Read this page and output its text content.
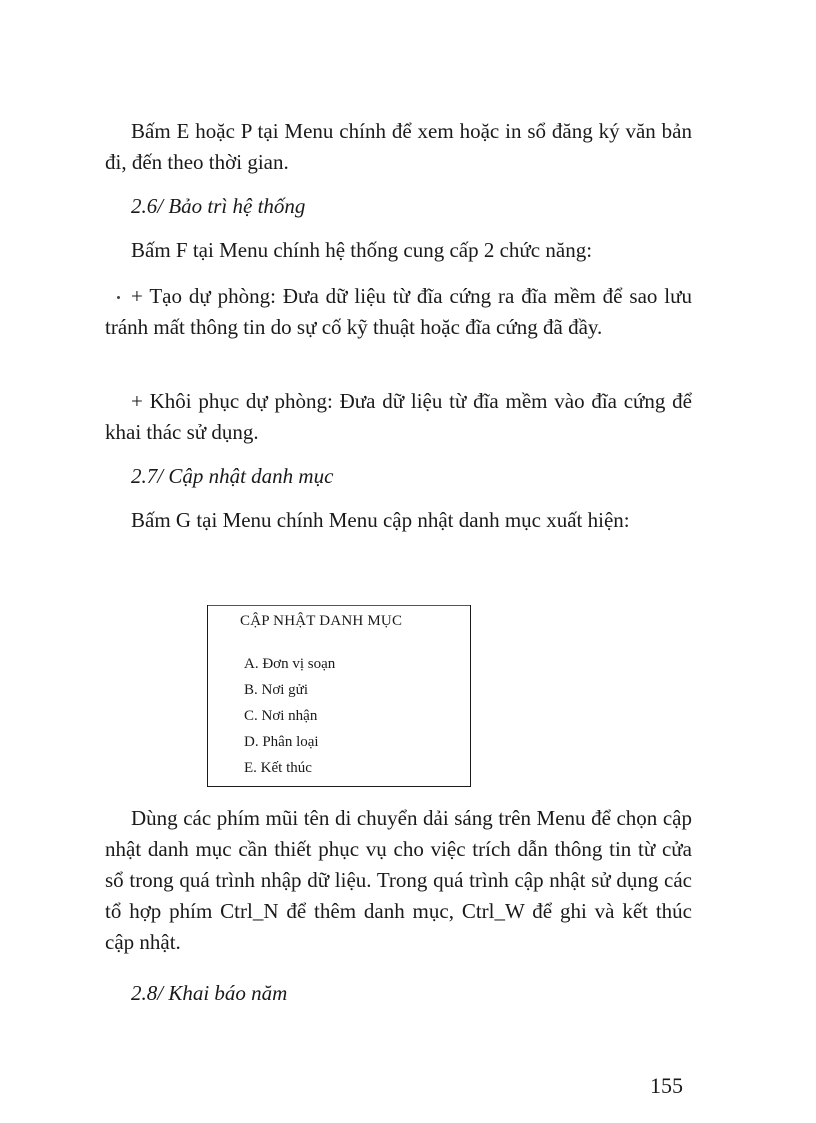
Bấm E hoặc P tại Menu chính để xem hoặc in sổ đăng ký văn bản đi, đến theo thời gian.

2.6/ Bảo trì hệ thống

Bấm F tại Menu chính hệ thống cung cấp 2 chức năng:

+ Tạo dự phòng: Đưa dữ liệu từ đĩa cứng ra đĩa mềm để sao lưu tránh mất thông tin do sự cố kỹ thuật hoặc đĩa cứng đã đầy.

+ Khôi phục dự phòng: Đưa dữ liệu từ đĩa mềm vào đĩa cứng để khai thác sử dụng.

2.7/ Cập nhật danh mục

Bấm G tại Menu chính Menu cập nhật danh mục xuất hiện:

CẬP NHẬT DANH MỤC

A. Đơn vị soạn
B. Nơi gửi
C. Nơi nhận
D. Phân loại
E. Kết thúc

Dùng các phím mũi tên di chuyển dải sáng trên Menu để chọn cập nhật danh mục cần thiết phục vụ cho việc trích dẫn thông tin từ cửa sổ trong quá trình nhập dữ liệu. Trong quá trình cập nhật sử dụng các tổ hợp phím Ctrl_N để thêm danh mục, Ctrl_W để ghi và kết thúc cập nhật.

2.8/ Khai báo năm

155
